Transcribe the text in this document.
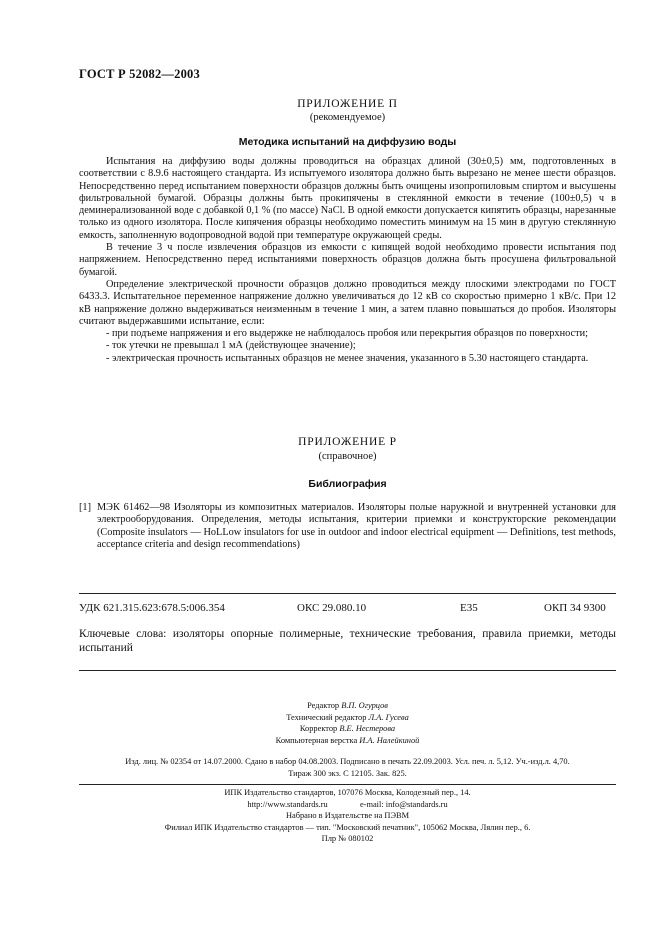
ГОСТ Р 52082—2003
ПРИЛОЖЕНИЕ П
(рекомендуемое)
Методика испытаний на диффузию воды

Испытания на диффузию воды должны проводиться на образцах длиной (30±0,5) мм, подготовленных в соответствии с 8.9.6 настоящего стандарта. Из испытуемого изолятора должно быть вырезано не менее шести образцов. Непосредственно перед испытанием поверхности образцов должны быть очищены изопропиловым спиртом и высушены фильтровальной бумагой. Образцы должны быть прокипячены в стеклянной емкости в течение (100±0,5) ч в деминерализованной воде с добавкой 0,1 % (по массе) NaCl. В одной емкости допускается кипятить образцы, нарезанные только из одного изолятора. После кипячения образцы необходимо поместить минимум на 15 мин в другую стеклянную емкость, заполненную водопроводной водой при температуре окружающей среды.

В течение 3 ч после извлечения образцов из емкости с кипящей водой необходимо провести испытания под напряжением. Непосредственно перед испытаниями поверхность образцов должна быть просушена фильтровальной бумагой.

Определение электрической прочности образцов должно проводиться между плоскими электродами по ГОСТ 6433.3. Испытательное переменное напряжение должно увеличиваться до 12 кВ со скоростью примерно 1 кВ/с. При 12 кВ напряжение должно выдерживаться неизменным в течение 1 мин, а затем плавно повышаться до пробоя. Изоляторы считают выдержавшими испытание, если:

- при подъеме напряжения и его выдержке не наблюдалось пробоя или перекрытия образцов по поверхности;

- ток утечки не превышал 1 мА (действующее значение);

- электрическая прочность испытанных образцов не менее значения, указанного в 5.30 настоящего стандарта.

ПРИЛОЖЕНИЕ Р
(справочное)
Библиография
[1] МЭК 61462—98 Изоляторы из композитных материалов. Изоляторы полые наружной и внутренней установки для электрооборудования. Определения, методы испытания, критерии приемки и конструкторские рекомендации (Composite insulators — HoLLow insulators for use in outdoor and indoor electrical equipment — Definitions, test methods, acceptance criteria and design recommendations)
УДК 621.315.623:678.5:006.354	ОКС 29.080.10	Е35	ОКП 34 9300
Ключевые слова: изоляторы опорные полимерные, технические требования, правила приемки, методы испытаний
Редактор В.П. Огурцов
Технический редактор Л.А. Гусева
Корректор В.Е. Нестерова
Компьютерная верстка И.А. Налейкиной
Изд. лиц. № 02354 от 14.07.2000. Сдано в набор 04.08.2003. Подписано в печать 22.09.2003. Усл. печ. л. 5,12. Уч.-изд.л. 4,70.
Тираж 300 экз. С 12105. Зак. 825.
ИПК Издательство стандартов, 107076 Москва, Колодезный пер., 14.
http://www.standards.ru	e-mail: info@standards.ru
Набрано в Издательстве на ПЭВМ
Филиал ИПК Издательство стандартов — тип. "Московский печатник", 105062 Москва, Лялин пер., 6.
Плр № 080102
